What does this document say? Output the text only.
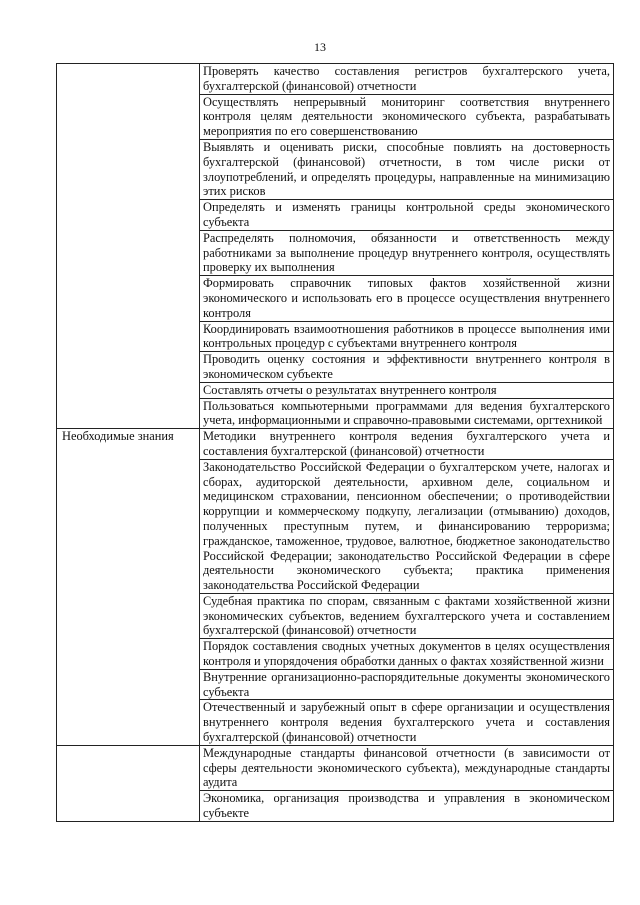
13
	Проверять качество составления регистров бухгалтерского учета, бухгалтерской (финансовой) отчетности
	Осуществлять непрерывный мониторинг соответствия внутреннего контроля целям деятельности экономического субъекта, разрабатывать мероприятия по его совершенствованию
	Выявлять и оценивать риски, способные повлиять на достоверность бухгалтерской (финансовой) отчетности, в том числе риски от злоупотреблений, и определять процедуры, направленные на минимизацию этих рисков
	Определять и изменять границы контрольной среды экономического субъекта
	Распределять полномочия, обязанности и ответственность между работниками за выполнение процедур внутреннего контроля, осуществлять проверку их выполнения
	Формировать справочник типовых фактов хозяйственной жизни экономического и использовать его в процессе осуществления внутреннего контроля
	Координировать взаимоотношения работников в процессе выполнения ими контрольных процедур с субъектами внутреннего контроля
	Проводить оценку состояния и эффективности внутреннего контроля в экономическом субъекте
	Составлять отчеты о результатах внутреннего контроля
	Пользоваться компьютерными программами для ведения бухгалтерского учета, информационными и справочно-правовыми системами, оргтехникой
Необходимые знания	Методики внутреннего контроля ведения бухгалтерского учета и составления бухгалтерской (финансовой) отчетности
	Законодательство Российской Федерации о бухгалтерском учете, налогах и сборах, аудиторской деятельности, архивном деле, социальном и медицинском страховании, пенсионном обеспечении; о противодействии коррупции и коммерческому подкупу, легализации (отмыванию) доходов, полученных преступным путем, и финансированию терроризма; гражданское, таможенное, трудовое, валютное, бюджетное законодательство Российской Федерации; законодательство Российской Федерации в сфере деятельности экономического субъекта; практика применения законодательства Российской Федерации
	Судебная практика по спорам, связанным с фактами хозяйственной жизни экономических субъектов, ведением бухгалтерского учета и составлением бухгалтерской (финансовой) отчетности
	Порядок составления сводных учетных документов в целях осуществления контроля и упорядочения обработки данных о фактах хозяйственной жизни
	Внутренние организационно-распорядительные документы экономического субъекта
	Отечественный и зарубежный опыт в сфере организации и осуществления внутреннего контроля ведения бухгалтерского учета и составления бухгалтерской (финансовой) отчетности
	Международные стандарты финансовой отчетности (в зависимости от сферы деятельности экономического субъекта), международные стандарты аудита
	Экономика, организация производства и управления в экономическом субъекте
